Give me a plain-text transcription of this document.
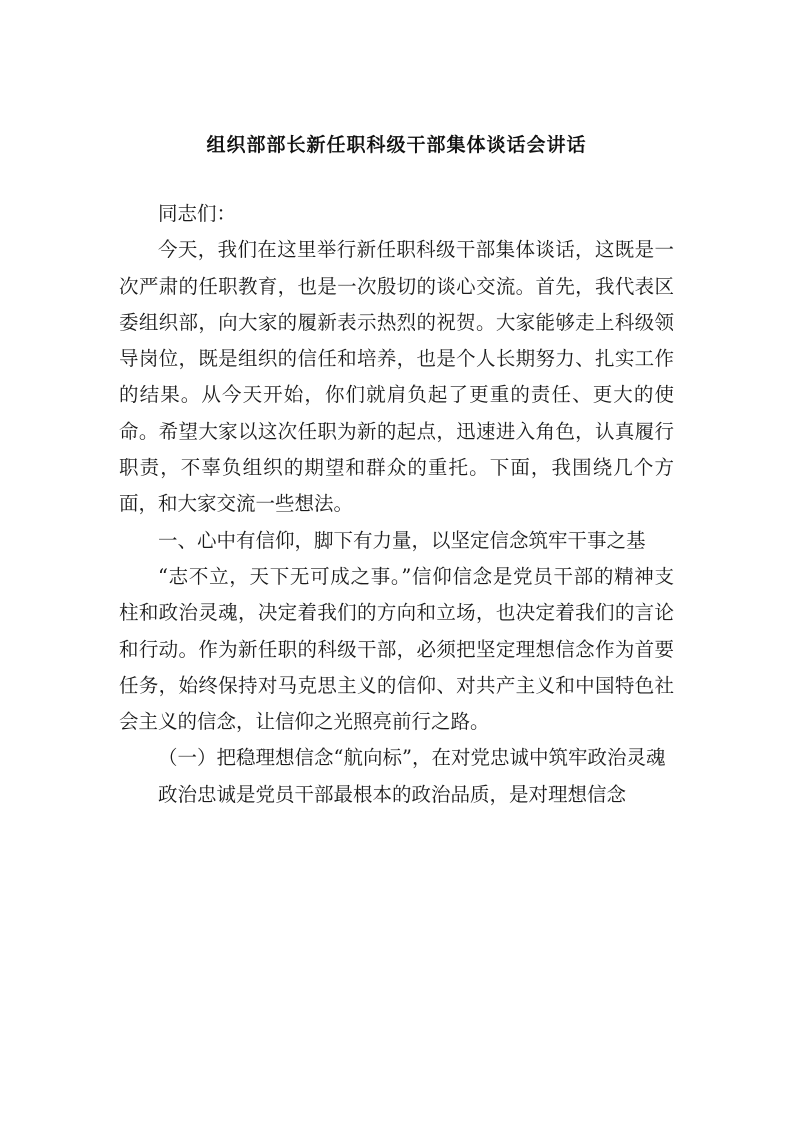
组织部部长新任职科级干部集体谈话会讲话

同志们：

今天，我们在这里举行新任职科级干部集体谈话，这既是一次严肃的任职教育，也是一次殷切的谈心交流。首先，我代表区委组织部，向大家的履新表示热烈的祝贺。大家能够走上科级领导岗位，既是组织的信任和培养，也是个人长期努力、扎实工作的结果。从今天开始，你们就肩负起了更重的责任、更大的使命。希望大家以这次任职为新的起点，迅速进入角色，认真履行职责，不辜负组织的期望和群众的重托。下面，我围绕几个方面，和大家交流一些想法。

一、心中有信仰，脚下有力量，以坚定信念筑牢干事之基

“志不立，天下无可成之事。”信仰信念是党员干部的精神支柱和政治灵魂，决定着我们的方向和立场，也决定着我们的言论和行动。作为新任职的科级干部，必须把坚定理想信念作为首要任务，始终保持对马克思主义的信仰、对共产主义和中国特色社会主义的信念，让信仰之光照亮前行之路。

（一）把稳理想信念“航向标”，在对党忠诚中筑牢政治灵魂

政治忠诚是党员干部最根本的政治品质，是对理想信念
